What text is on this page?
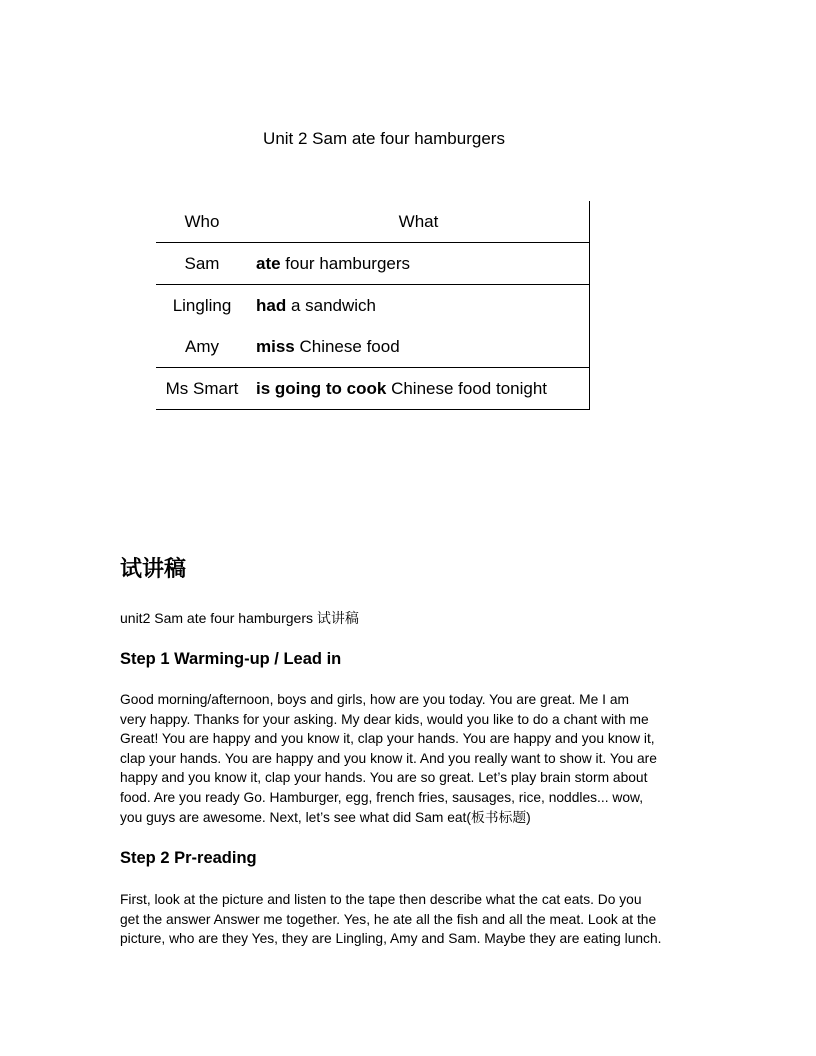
Unit 2 Sam ate four hamburgers
Who	What
Sam	ate four hamburgers
Lingling	had a sandwich
Amy	miss Chinese food
Ms Smart	is going to cook Chinese food tonight
试讲稿

unit2 Sam ate four hamburgers 试讲稿

Step 1 Warming-up / Lead in
Good morning/afternoon, boys and girls, how are you today. You are great. Me I am
very happy. Thanks for your asking. My dear kids, would you like to do a chant with me
Great! You are happy and you know it, clap your hands. You are happy and you know it,
clap your hands. You are happy and you know it. And you really want to show it. You are
happy and you know it, clap your hands. You are so great. Let’s play brain storm about
food. Are you ready Go. Hamburger, egg, french fries, sausages, rice, noddles... wow,
you guys are awesome. Next, let’s see what did Sam eat(板书标题)
Step 2 Pr-reading
First, look at the picture and listen to the tape then describe what the cat eats. Do you
get the answer Answer me together. Yes, he ate all the fish and all the meat. Look at the
picture, who are they Yes, they are Lingling, Amy and Sam. Maybe they are eating lunch.
